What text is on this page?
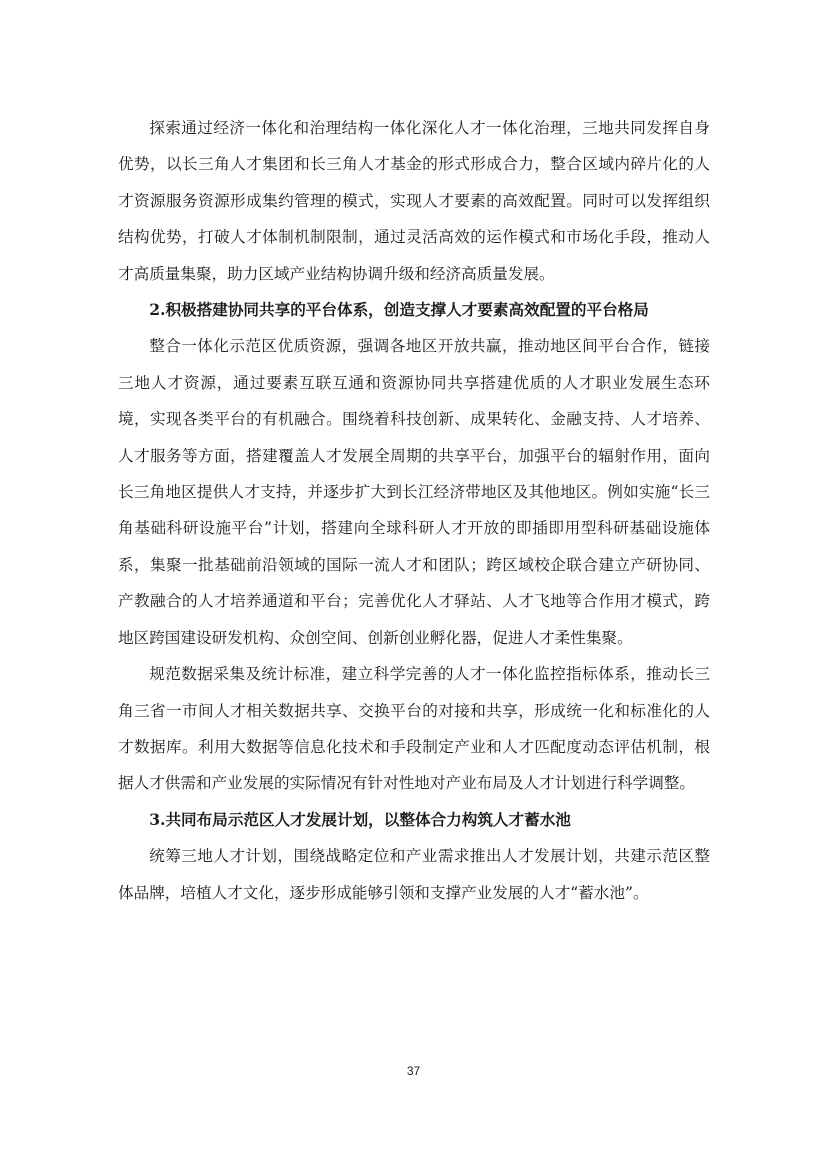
探索通过经济一体化和治理结构一体化深化人才一体化治理，三地共同发挥自身优势，以长三角人才集团和长三角人才基金的形式形成合力，整合区域内碎片化的人才资源服务资源形成集约管理的模式，实现人才要素的高效配置。同时可以发挥组织结构优势，打破人才体制机制限制，通过灵活高效的运作模式和市场化手段，推动人才高质量集聚，助力区域产业结构协调升级和经济高质量发展。

2.积极搭建协同共享的平台体系，创造支撑人才要素高效配置的平台格局

整合一体化示范区优质资源，强调各地区开放共赢，推动地区间平台合作，链接三地人才资源，通过要素互联互通和资源协同共享搭建优质的人才职业发展生态环境，实现各类平台的有机融合。围绕着科技创新、成果转化、金融支持、人才培养、人才服务等方面，搭建覆盖人才发展全周期的共享平台，加强平台的辐射作用，面向长三角地区提供人才支持，并逐步扩大到长江经济带地区及其他地区。例如实施“长三角基础科研设施平台”计划，搭建向全球科研人才开放的即插即用型科研基础设施体系，集聚一批基础前沿领域的国际一流人才和团队；跨区域校企联合建立产研协同、产教融合的人才培养通道和平台；完善优化人才驿站、人才飞地等合作用才模式，跨地区跨国建设研发机构、众创空间、创新创业孵化器，促进人才柔性集聚。

规范数据采集及统计标准，建立科学完善的人才一体化监控指标体系，推动长三角三省一市间人才相关数据共享、交换平台的对接和共享，形成统一化和标准化的人才数据库。利用大数据等信息化技术和手段制定产业和人才匹配度动态评估机制，根据人才供需和产业发展的实际情况有针对性地对产业布局及人才计划进行科学调整。

3.共同布局示范区人才发展计划，以整体合力构筑人才蓄水池

统筹三地人才计划，围绕战略定位和产业需求推出人才发展计划，共建示范区整体品牌，培植人才文化，逐步形成能够引领和支撑产业发展的人才“蓄水池”。

37
